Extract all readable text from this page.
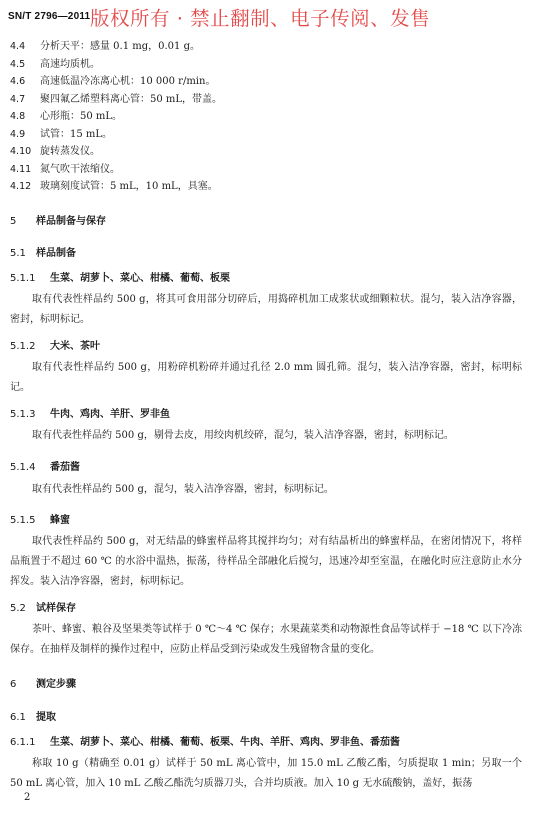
SN/T 2796—2011 版权所有 · 禁止翻制、电子传阅、发售
4.4 分析天平：感量 0.1 mg，0.01 g。
4.5 高速均质机。
4.6 高速低温冷冻离心机：10 000 r/min。
4.7 聚四氟乙烯塑料离心管：50 mL，带盖。
4.8 心形瓶：50 mL。
4.9 试管：15 mL。
4.10 旋转蒸发仪。
4.11 氮气吹干浓缩仪。
4.12 玻璃刻度试管：5 mL，10 mL，具塞。
5 样品制备与保存
5.1 样品制备
5.1.1 生菜、胡萝卜、菜心、柑橘、葡萄、板栗
取有代表性样品约 500 g，将其可食用部分切碎后，用捣碎机加工成浆状或细颗粒状。混匀，装入洁净容器，密封，标明标记。
5.1.2 大米、茶叶
取有代表性样品约 500 g，用粉碎机粉碎并通过孔径 2.0 mm 圆孔筛。混匀，装入洁净容器，密封，标明标记。
5.1.3 牛肉、鸡肉、羊肝、罗非鱼
取有代表性样品约 500 g，剔骨去皮，用绞肉机绞碎，混匀，装入洁净容器，密封，标明标记。
5.1.4 番茄酱
取有代表性样品约 500 g，混匀，装入洁净容器，密封，标明标记。
5.1.5 蜂蜜
取代表性样品约 500 g，对无结晶的蜂蜜样品将其搅拌均匀；对有结晶析出的蜂蜜样品，在密闭情况下，将样品瓶置于不超过 60 ℃ 的水浴中温热，振荡，待样品全部融化后搅匀，迅速冷却至室温，在融化时应注意防止水分挥发。装入洁净容器，密封，标明标记。
5.2 试样保存
茶叶、蜂蜜、粮谷及坚果类等试样于 0 ℃～4 ℃ 保存；水果蔬菜类和动物源性食品等试样于 −18 ℃ 以下冷冻保存。在抽样及制样的操作过程中，应防止样品受到污染或发生残留物含量的变化。
6 测定步骤
6.1 提取
6.1.1 生菜、胡萝卜、菜心、柑橘、葡萄、板栗、牛肉、羊肝、鸡肉、罗非鱼、番茄酱
称取 10 g（精确至 0.01 g）试样于 50 mL 离心管中，加 15.0 mL 乙酸乙酯，匀质提取 1 min；另取一个 50 mL 离心管，加入 10 mL 乙酸乙酯洗匀质器刀头，合并均质液。加入 10 g 无水硫酸钠，盖好，振荡
2
